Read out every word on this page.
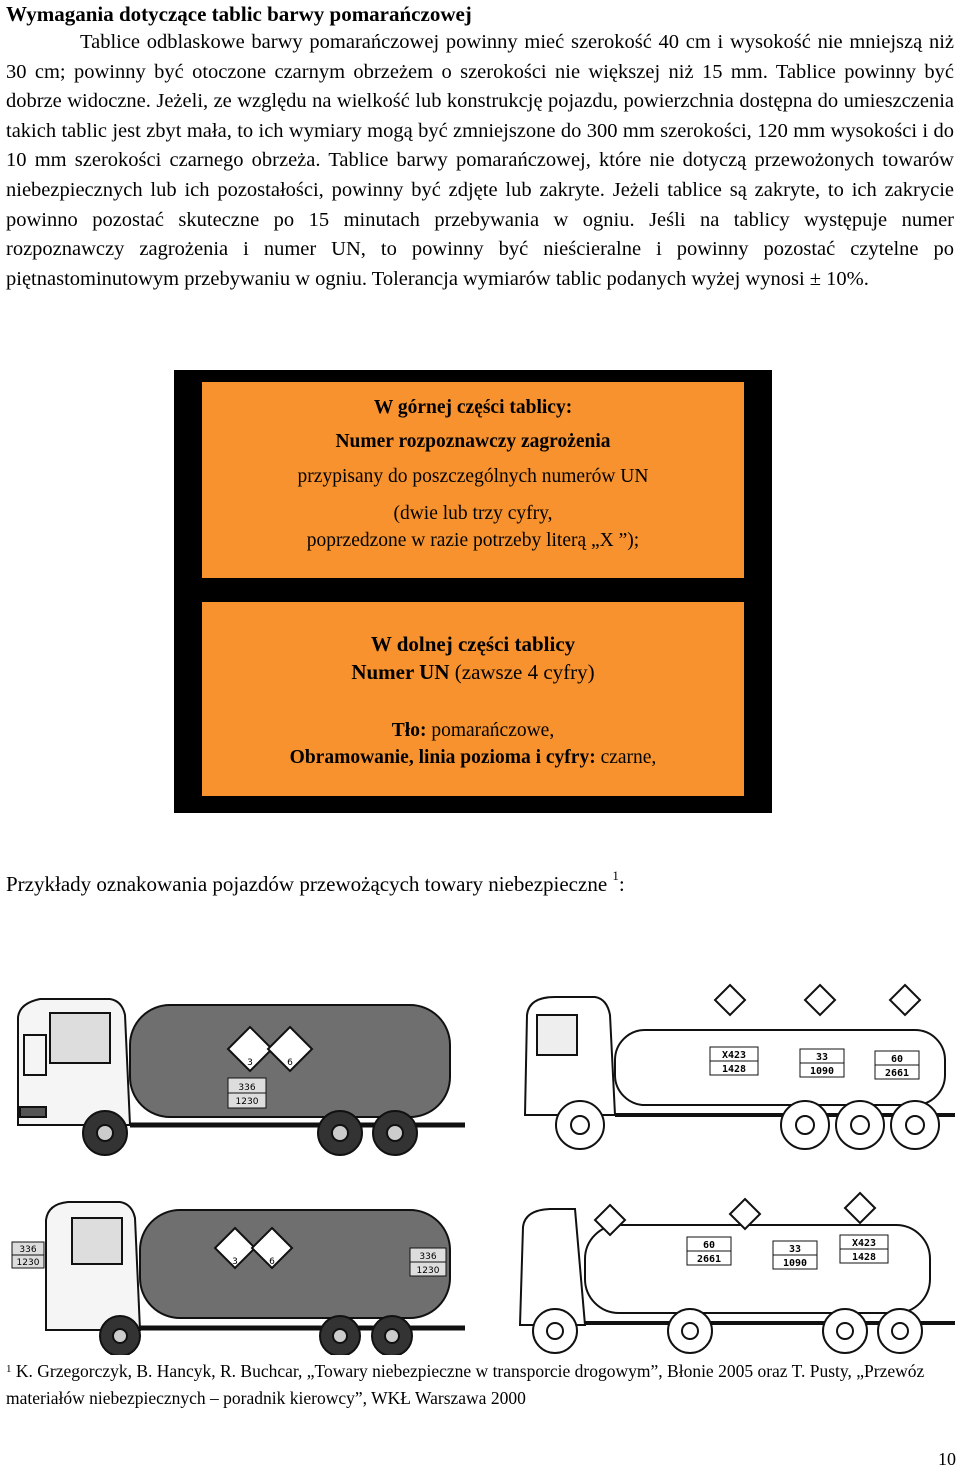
Wymagania dotyczące tablic barwy pomarańczowej
Tablice odblaskowe barwy pomarańczowej powinny mieć szerokość 40 cm i wysokość nie mniejszą niż 30 cm; powinny być otoczone czarnym obrzeżem o szerokości nie większej niż 15 mm. Tablice powinny być dobrze widoczne. Jeżeli, ze względu na wielkość lub konstrukcję pojazdu, powierzchnia dostępna do umieszczenia takich tablic jest zbyt mała, to ich wymiary mogą być zmniejszone do 300 mm szerokości, 120 mm wysokości i do 10 mm szerokości czarnego obrzeża. Tablice barwy pomarańczowej, które nie dotyczą przewożonych towarów niebezpiecznych lub ich pozostałości, powinny być zdjęte lub zakryte. Jeżeli tablice są zakryte, to ich zakrycie powinno pozostać skuteczne po 15 minutach przebywania w ogniu. Jeśli na tablicy występuje numer rozpoznawczy zagrożenia i numer UN, to powinny być nieścieralne i powinny pozostać czytelne po piętnastominutowym przebywaniu w ogniu. Tolerancja wymiarów tablic podanych wyżej wynosi ± 10%.
W górnej części tablicy:
Numer rozpoznawczy zagrożenia
przypisany do poszczególnych numerów UN
(dwie lub trzy cyfry,
poprzedzone w razie potrzeby literą „X ”);
W dolnej części tablicy
Numer UN (zawsze 4 cyfry)
Tło: pomarańczowe,
Obramowanie, linia pozioma i cyfry: czarne,
Przykłady oznakowania pojazdów przewożących towary niebezpieczne $^1$:
3	6
336
1230
X423
1428
33
1090
60
2661
3	6
336
1230
336
1230
60
2661
33
1090
X423
1428
$^1$ K. Grzegorczyk, B. Hancyk, R. Buchcar, „Towary niebezpieczne w transporcie drogowym”, Błonie 2005 oraz T. Pusty, „Przewóz materiałów niebezpiecznych – poradnik kierowcy”, WKŁ Warszawa 2000
10
